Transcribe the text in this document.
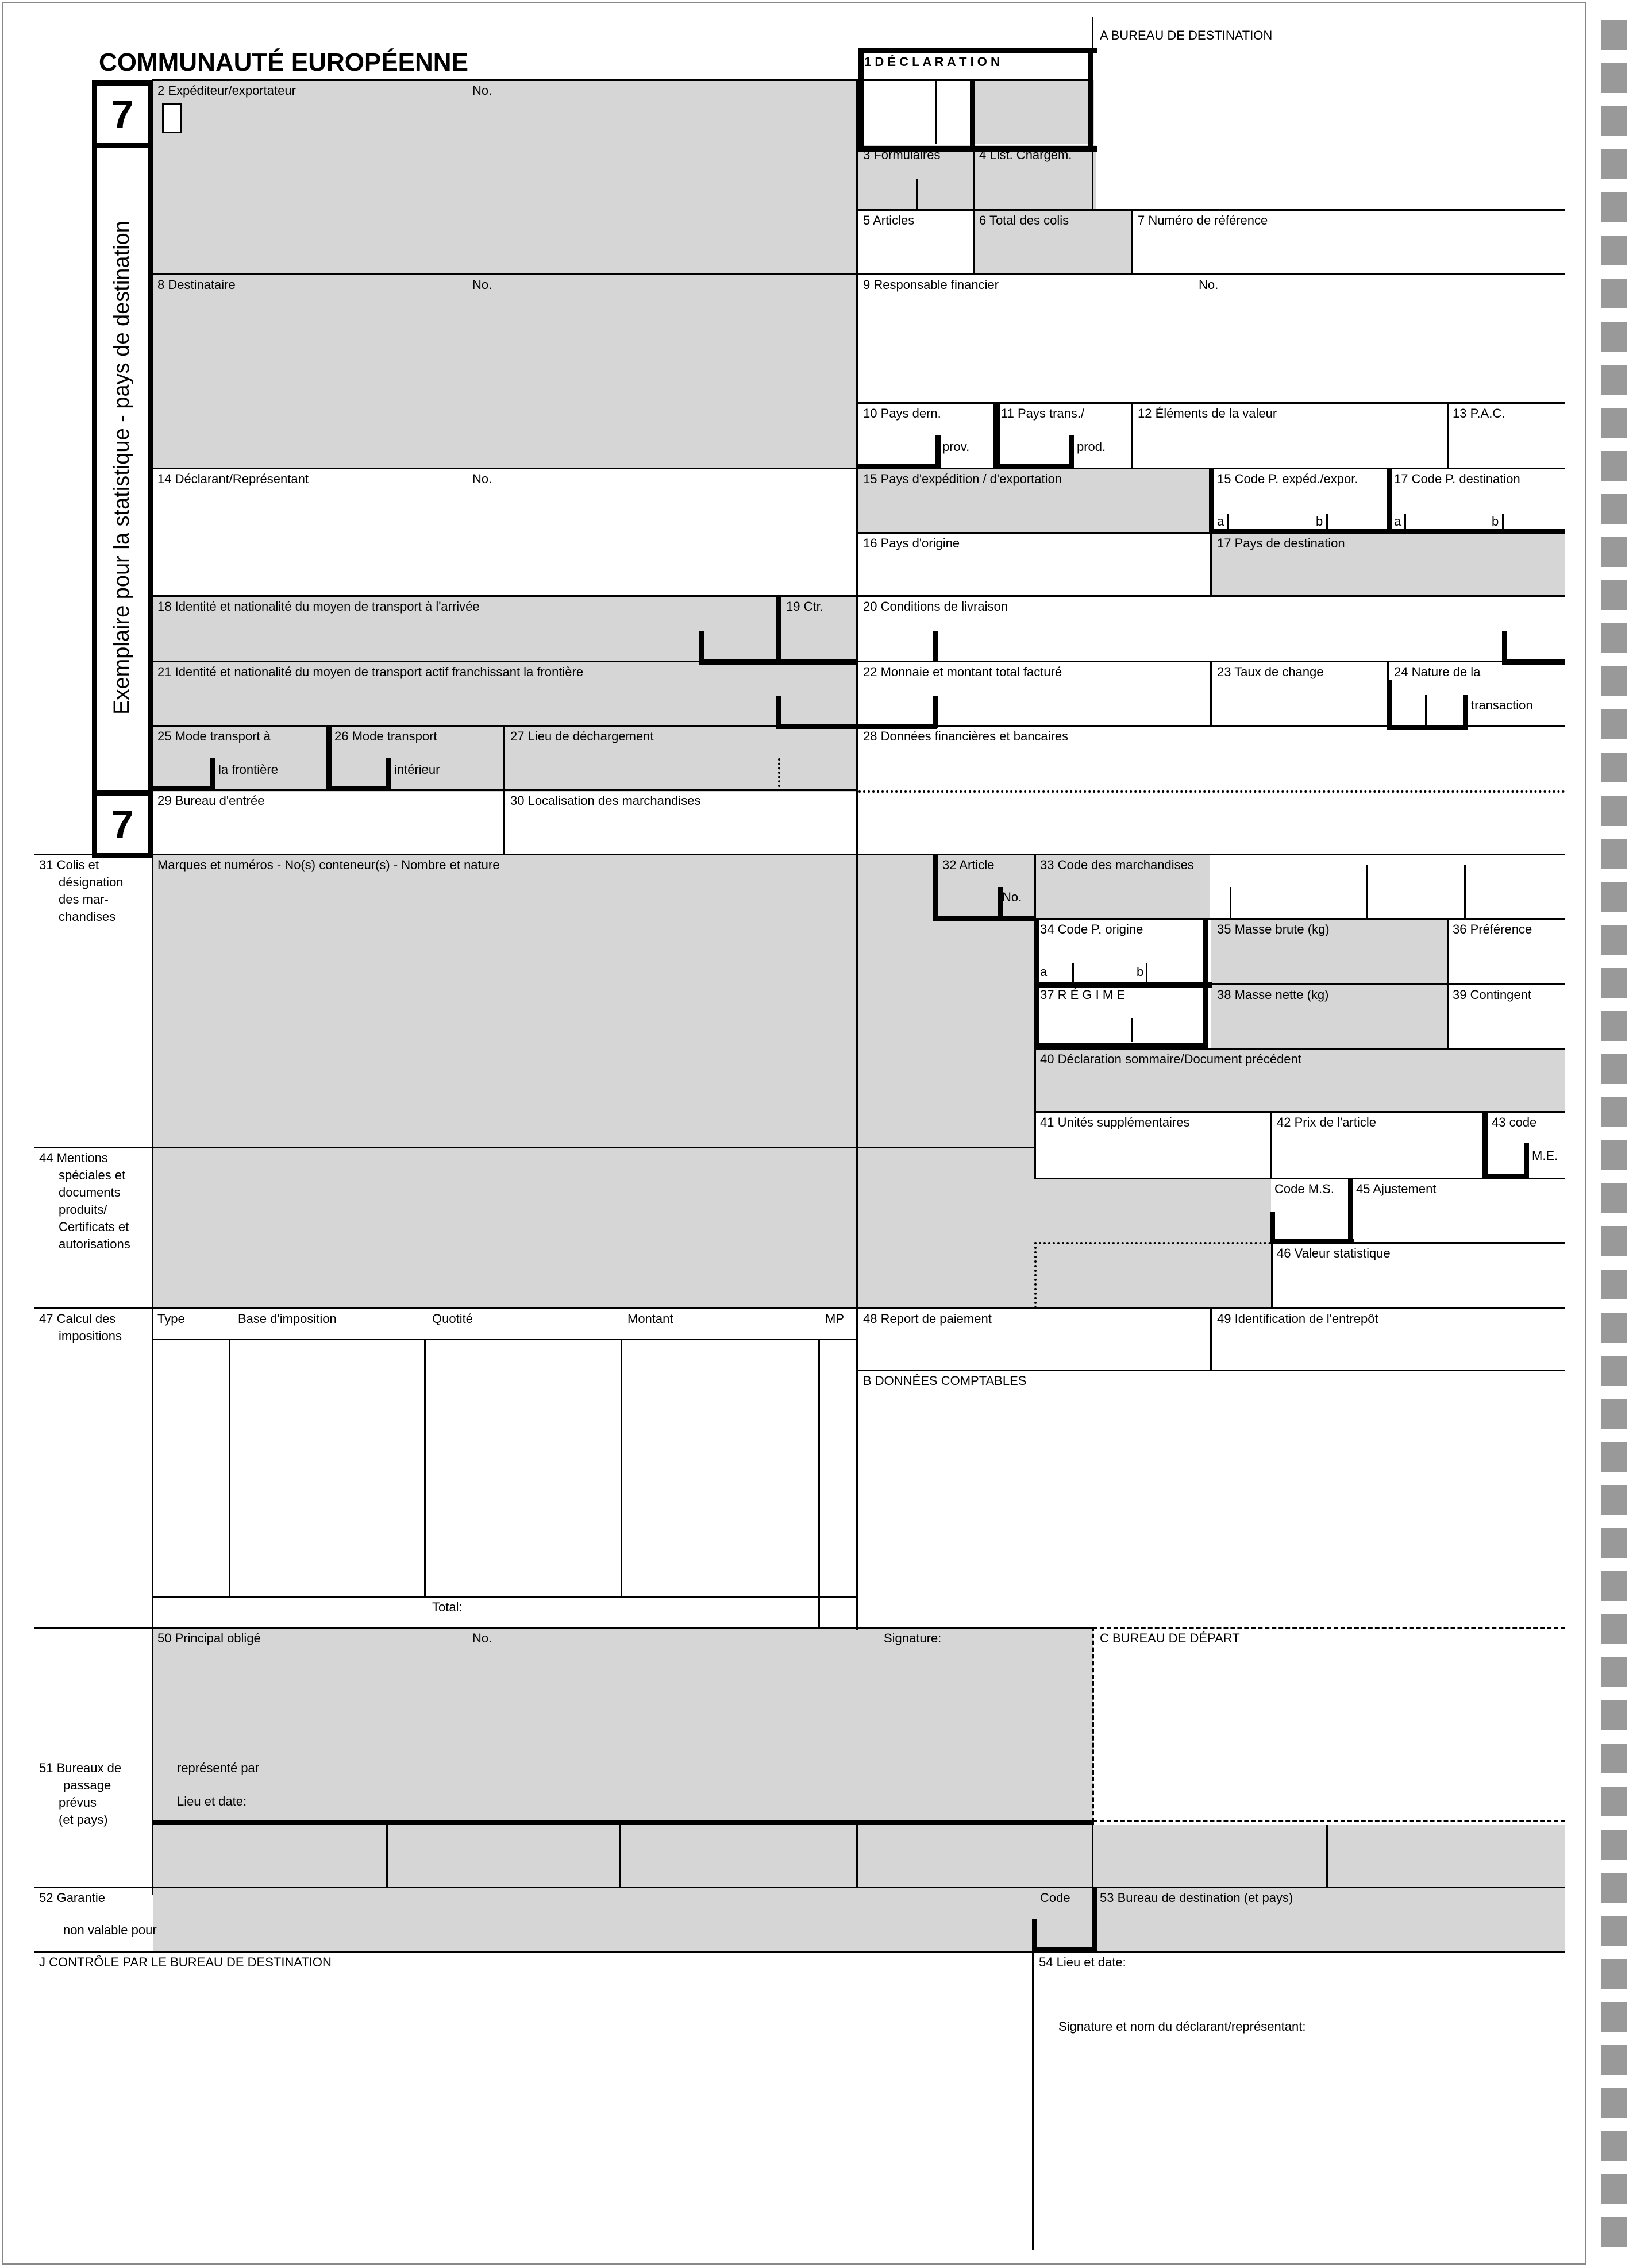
COMMUNAUTÉ EUROPÉENNE
7
Exemplaire pour la statistique - pays de destination
7
A BUREAU DE DESTINATION
1 D É C L A R A T I O N
2 Expéditeur/exportateur	No.
3 Formulaires	4 List. Chargem.
5 Articles	6 Total des colis	7 Numéro de référence
8 Destinataire	No.	9 Responsable financier	No.
10 Pays dern.
prov.
11 Pays trans./
prod.
12 Éléments de la valeur	13 P.A.C.
14 Déclarant/Représentant	No.	15 Pays d'expédition / d'exportation	15 Code P. expéd./expor.	17 Code P. destination
a	b	a	b
16 Pays d'origine	17 Pays de destination
18 Identité et nationalité du moyen de transport à l'arrivée	19 Ctr.	20 Conditions de livraison
21 Identité et nationalité du moyen de transport actif franchissant la frontière	22 Monnaie et montant total facturé	23 Taux de change	24 Nature de la
transaction
25 Mode transport à
la frontière
26 Mode transport
intérieur
27 Lieu de déchargement	28 Données financières et bancaires
29 Bureau d'entrée	30 Localisation des marchandises
31 Colis et
désignation
des mar-
chandises
Marques et numéros - No(s) conteneur(s) - Nombre et nature	32 Article
No.
33 Code des marchandises
34 Code P. origine
a	b
35 Masse brute (kg)	36 Préférence
37 R É G I M E	38 Masse nette (kg)	39 Contingent
40 Déclaration sommaire/Document précédent
41 Unités supplémentaires	42 Prix de l'article	43 code
M.E.
44 Mentions
spéciales et
documents
produits/
Certificats et
autorisations
Code M.S. 45 Ajustement
46 Valeur statistique
47 Calcul des
impositions
Type	Base d'imposition	Quotité	Montant	MP
Total:
48 Report de paiement	49 Identification de l'entrepôt
B DONNÉES COMPTABLES
50 Principal obligé	No.	Signature:	C BUREAU DE DÉPART
représenté par
Lieu et date:
51 Bureaux de
passage
prévus
(et pays)
52 Garantie
non valable pour
Code 53 Bureau de destination (et pays)
J CONTRÔLE PAR LE BUREAU DE DESTINATION	54 Lieu et date:
Signature et nom du déclarant/représentant:
